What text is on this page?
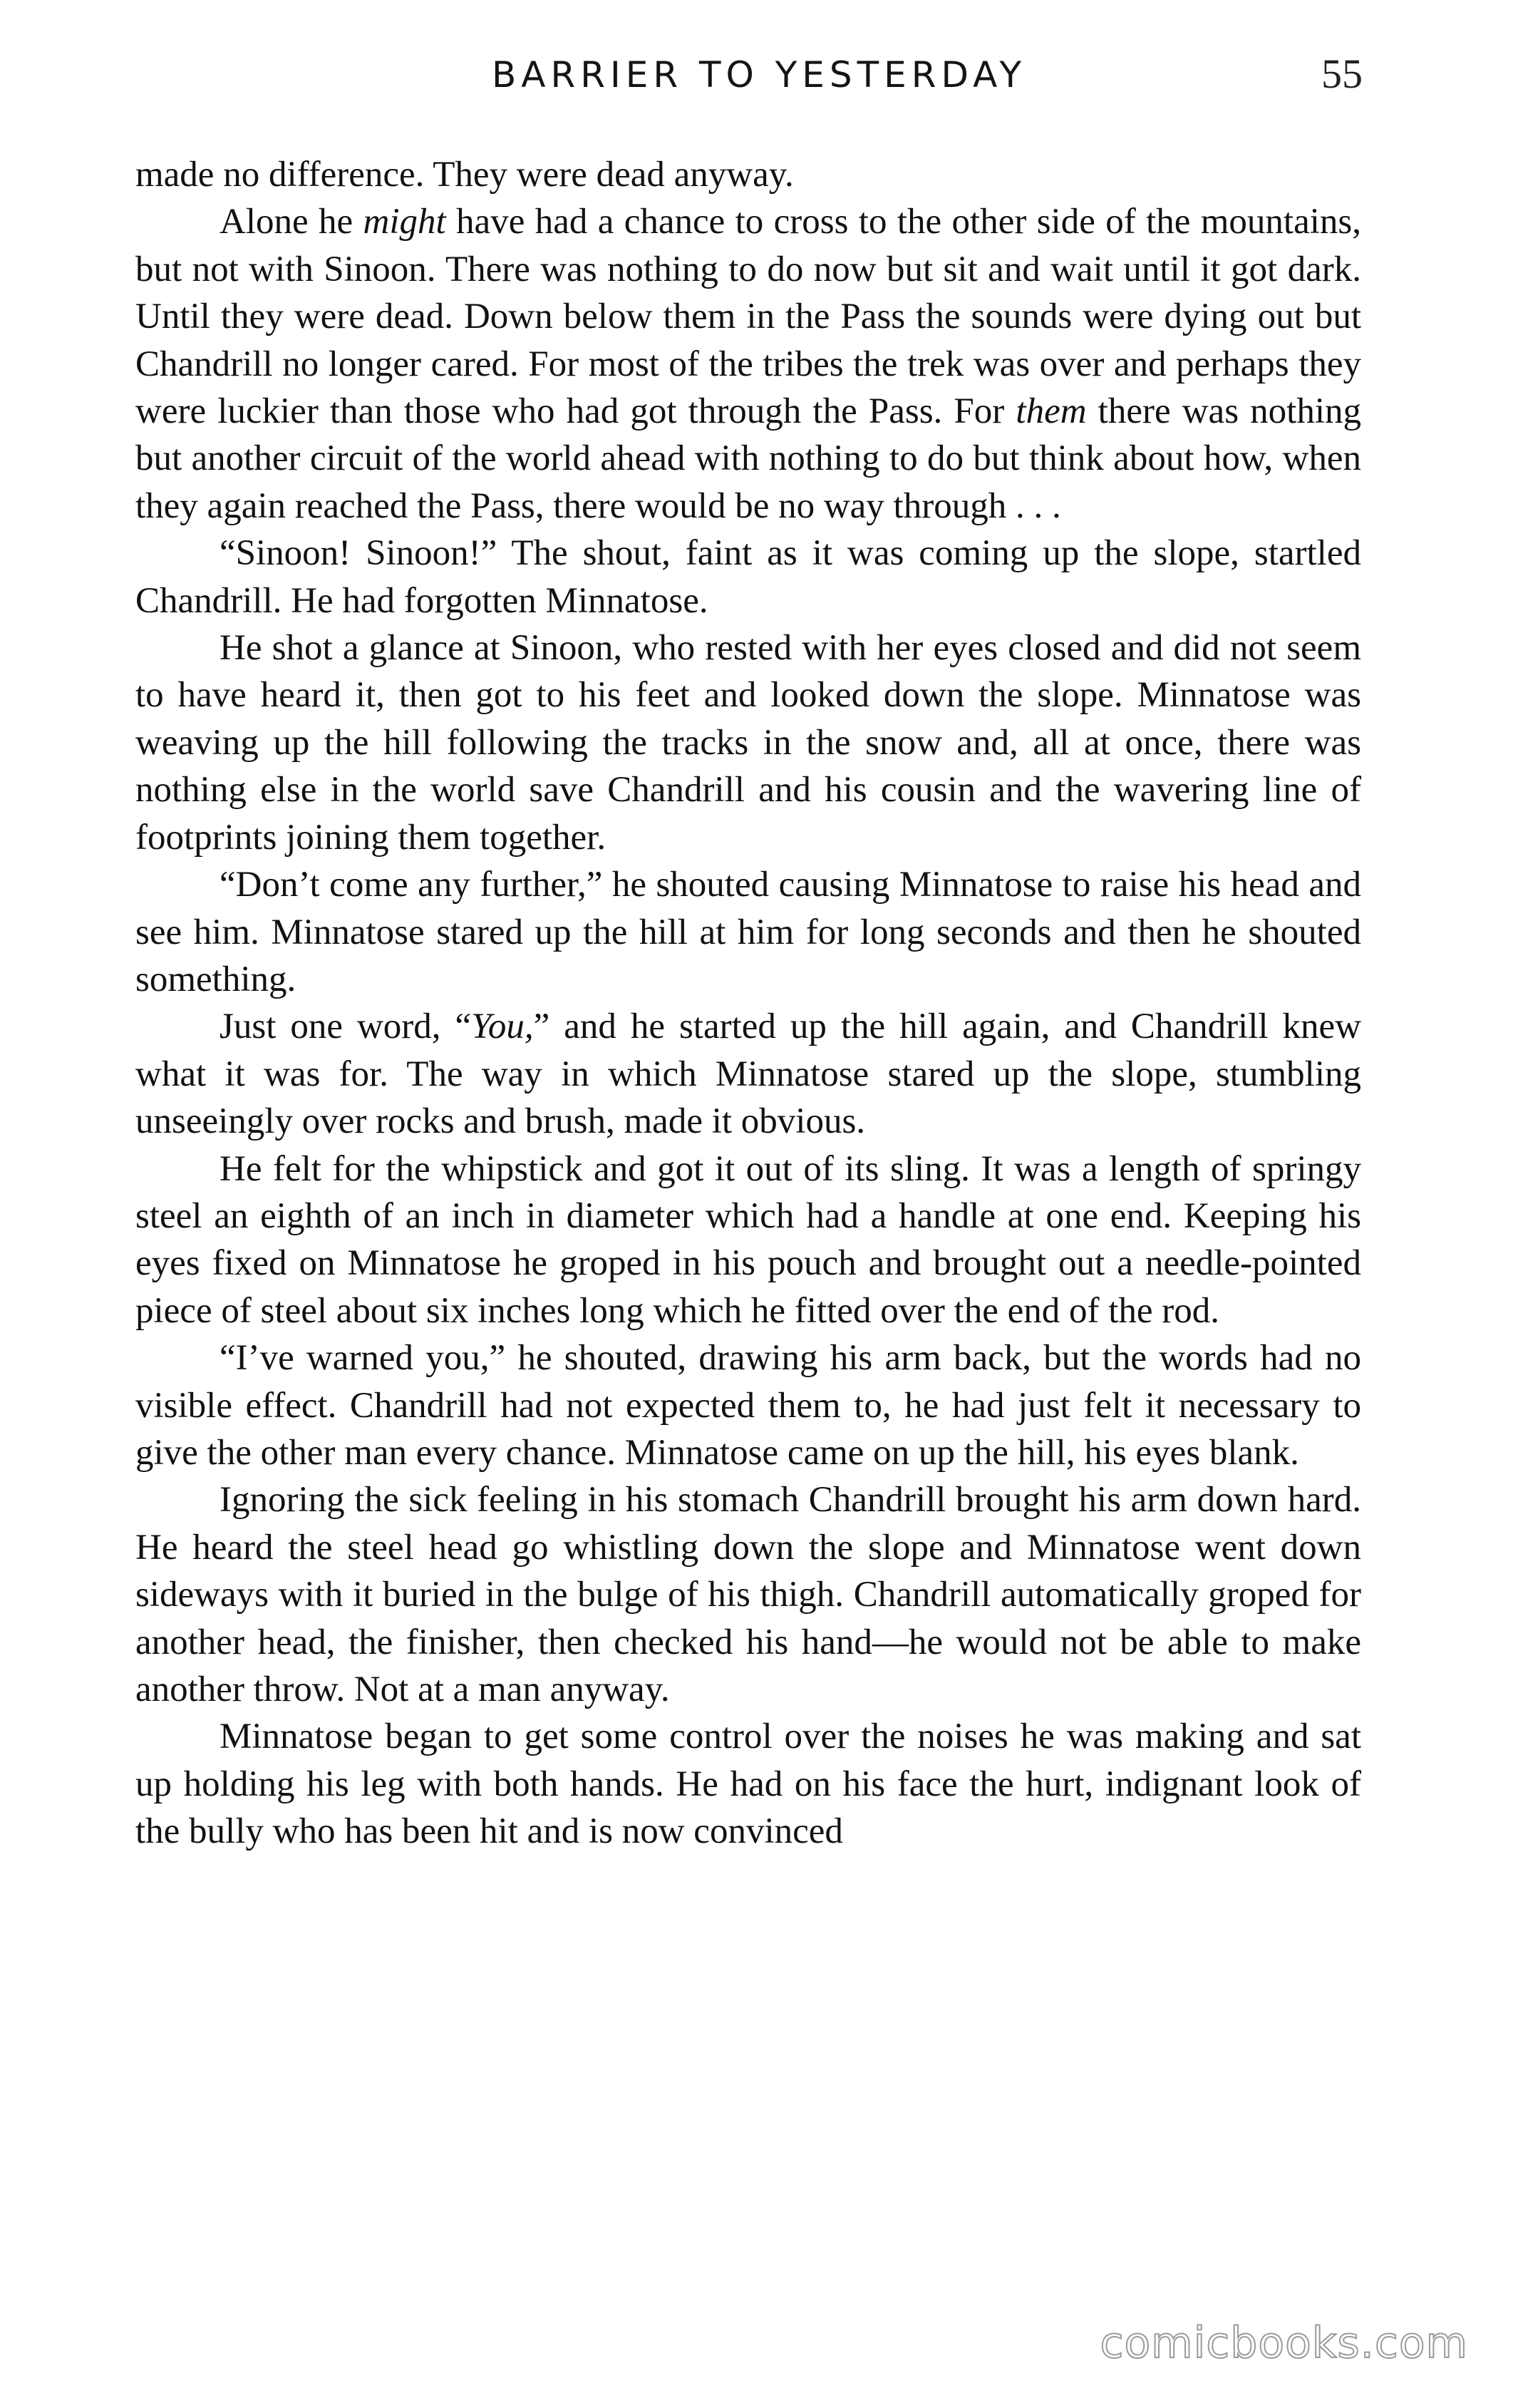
BARRIER TO YESTERDAY	55

made no difference. They were dead anyway.

Alone he might have had a chance to cross to the other side of the mountains, but not with Sinoon. There was nothing to do now but sit and wait until it got dark. Until they were dead. Down below them in the Pass the sounds were dying out but Chandrill no longer cared. For most of the tribes the trek was over and perhaps they were luckier than those who had got through the Pass. For them there was nothing but another circuit of the world ahead with nothing to do but think about how, when they again reached the Pass, there would be no way through . . .

“Sinoon! Sinoon!” The shout, faint as it was coming up the slope, startled Chandrill. He had forgotten Minnatose.

He shot a glance at Sinoon, who rested with her eyes closed and did not seem to have heard it, then got to his feet and looked down the slope. Minnatose was weaving up the hill following the tracks in the snow and, all at once, there was nothing else in the world save Chandrill and his cousin and the wavering line of footprints joining them together.

“Don’t come any further,” he shouted causing Minnatose to raise his head and see him. Minnatose stared up the hill at him for long seconds and then he shouted something.

Just one word, “You,” and he started up the hill again, and Chandrill knew what it was for. The way in which Minnatose stared up the slope, stumbling unseeingly over rocks and brush, made it obvious.

He felt for the whipstick and got it out of its sling. It was a length of springy steel an eighth of an inch in diameter which had a handle at one end. Keeping his eyes fixed on Minnatose he groped in his pouch and brought out a needle-pointed piece of steel about six inches long which he fitted over the end of the rod.

“I’ve warned you,” he shouted, drawing his arm back, but the words had no visible effect. Chandrill had not expected them to, he had just felt it necessary to give the other man every chance. Minnatose came on up the hill, his eyes blank.

Ignoring the sick feeling in his stomach Chandrill brought his arm down hard. He heard the steel head go whistling down the slope and Minnatose went down sideways with it buried in the bulge of his thigh. Chandrill automatically groped for another head, the finisher, then checked his hand—he would not be able to make another throw. Not at a man anyway.

Minnatose began to get some control over the noises he was making and sat up holding his leg with both hands. He had on his face the hurt, indignant look of the bully who has been hit and is now convinced

comicbooks.com
